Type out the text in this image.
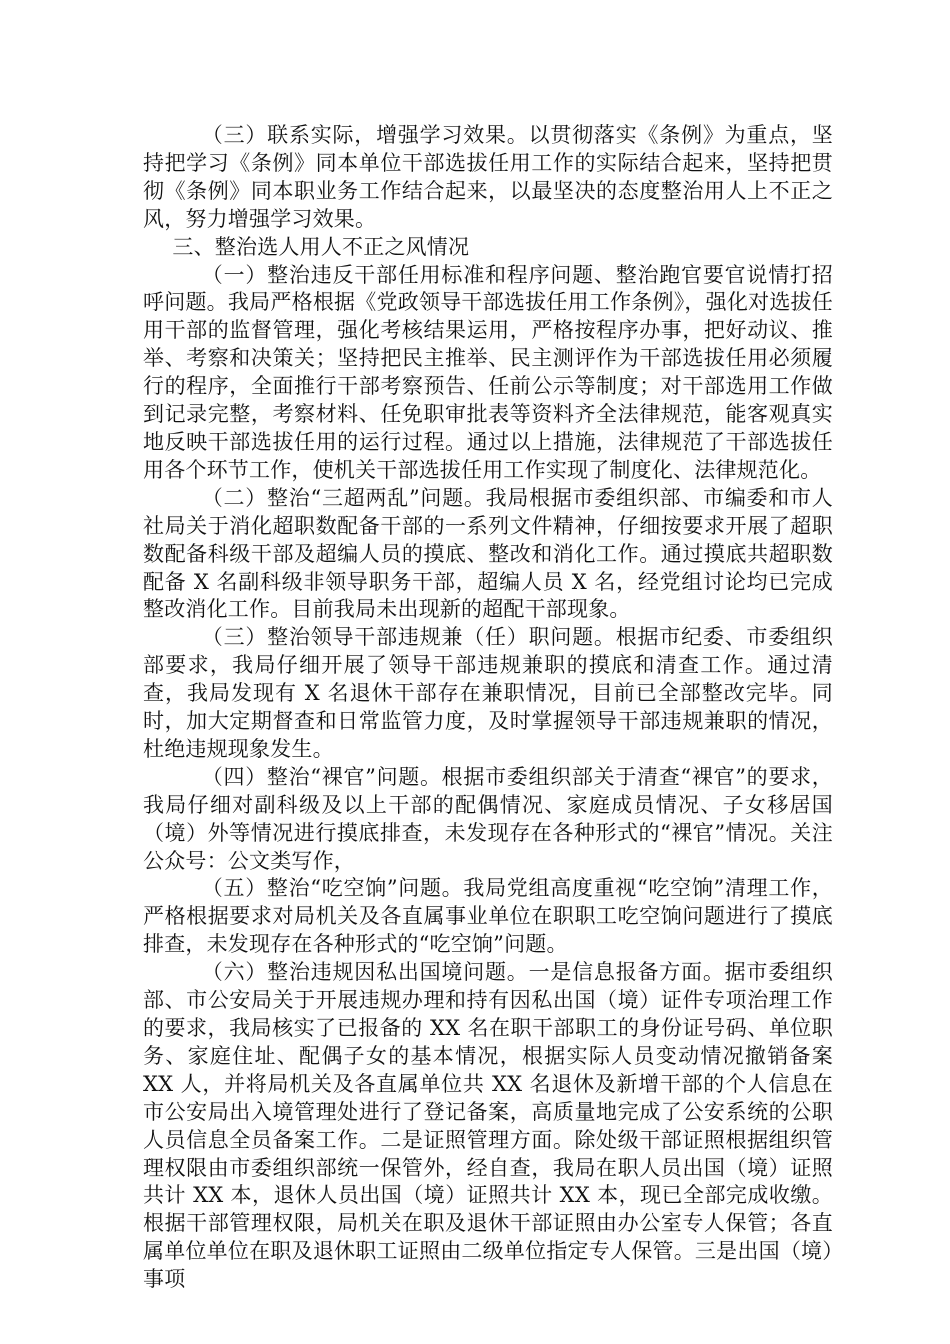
（三）联系实际，增强学习效果。以贯彻落实《条例》为重点，坚持把学习《条例》同本单位干部选拔任用工作的实际结合起来，坚持把贯彻《条例》同本职业务工作结合起来，以最坚决的态度整治用人上不正之风，努力增强学习效果。

三、整治选人用人不正之风情况

（一）整治违反干部任用标准和程序问题、整治跑官要官说情打招呼问题。我局严格根据《党政领导干部选拔任用工作条例》，强化对选拔任用干部的监督管理，强化考核结果运用，严格按程序办事，把好动议、推举、考察和决策关；坚持把民主推举、民主测评作为干部选拔任用必须履行的程序，全面推行干部考察预告、任前公示等制度；对干部选用工作做到记录完整，考察材料、任免职审批表等资料齐全法律规范，能客观真实地反映干部选拔任用的运行过程。通过以上措施，法律规范了干部选拔任用各个环节工作，使机关干部选拔任用工作实现了制度化、法律规范化。

（二）整治“三超两乱”问题。我局根据市委组织部、市编委和市人社局关于消化超职数配备干部的一系列文件精神，仔细按要求开展了超职数配备科级干部及超编人员的摸底、整改和消化工作。通过摸底共超职数配备 X 名副科级非领导职务干部，超编人员 X 名，经党组讨论均已完成整改消化工作。目前我局未出现新的超配干部现象。

（三）整治领导干部违规兼（任）职问题。根据市纪委、市委组织部要求，我局仔细开展了领导干部违规兼职的摸底和清查工作。通过清查，我局发现有 X 名退休干部存在兼职情况，目前已全部整改完毕。同时，加大定期督查和日常监管力度，及时掌握领导干部违规兼职的情况，杜绝违规现象发生。

（四）整治“裸官”问题。根据市委组织部关于清查“裸官”的要求，我局仔细对副科级及以上干部的配偶情况、家庭成员情况、子女移居国（境）外等情况进行摸底排查，未发现存在各种形式的“裸官”情况。关注公众号：公文类写作，

（五）整治“吃空饷”问题。我局党组高度重视“吃空饷”清理工作，严格根据要求对局机关及各直属事业单位在职职工吃空饷问题进行了摸底排查，未发现存在各种形式的“吃空饷”问题。

（六）整治违规因私出国境问题。一是信息报备方面。据市委组织部、市公安局关于开展违规办理和持有因私出国（境）证件专项治理工作的要求，我局核实了已报备的 XX 名在职干部职工的身份证号码、单位职务、家庭住址、配偶子女的基本情况，根据实际人员变动情况撤销备案 XX 人，并将局机关及各直属单位共 XX 名退休及新增干部的个人信息在市公安局出入境管理处进行了登记备案，高质量地完成了公安系统的公职人员信息全员备案工作。二是证照管理方面。除处级干部证照根据组织管理权限由市委组织部统一保管外，经自查，我局在职人员出国（境）证照共计 XX 本，退休人员出国（境）证照共计 XX 本，现已全部完成收缴。根据干部管理权限，局机关在职及退休干部证照由办公室专人保管；各直属单位单位在职及退休职工证照由二级单位指定专人保管。三是出国（境）事项
